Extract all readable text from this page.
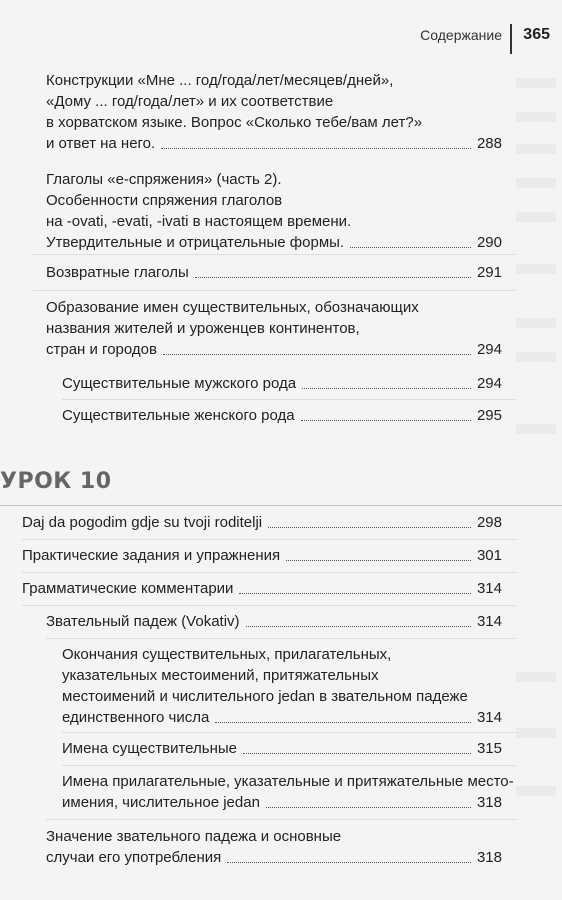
Содержание 365
Конструкции «Мне ... год/года/лет/месяцев/дней»,
«Дому ... год/года/лет» и их соответствие
в хорватском языке. Вопрос «Сколько тебе/вам лет?»
и ответ на него.	288
Глаголы «е-спряжения» (часть 2).
Особенности спряжения глаголов
на -ovati, -evati, -ivati в настоящем времени.
Утвердительные и отрицательные формы.	290
Возвратные глаголы	291
Образование имен существительных, обозначающих
названия жителей и уроженцев континентов,
стран и городов	294
Существительные мужского рода	294
Существительные женского рода	295
УРОК 10
Daj da pogodim gdje su tvoji roditelji	298
Практические задания и упражнения	301
Грамматические комментарии	314
Звательный падеж (Vokativ)	314
Окончания существительных, прилагательных,
указательных местоимений, притяжательных
местоимений и числительного jedan в звательном падеже
единственного числа	314
Имена существительные	315
Имена прилагательные, указательные и притяжательные место-
имения, числительное jedan	318
Значение звательного падежа и основные
случаи его употребления	318
